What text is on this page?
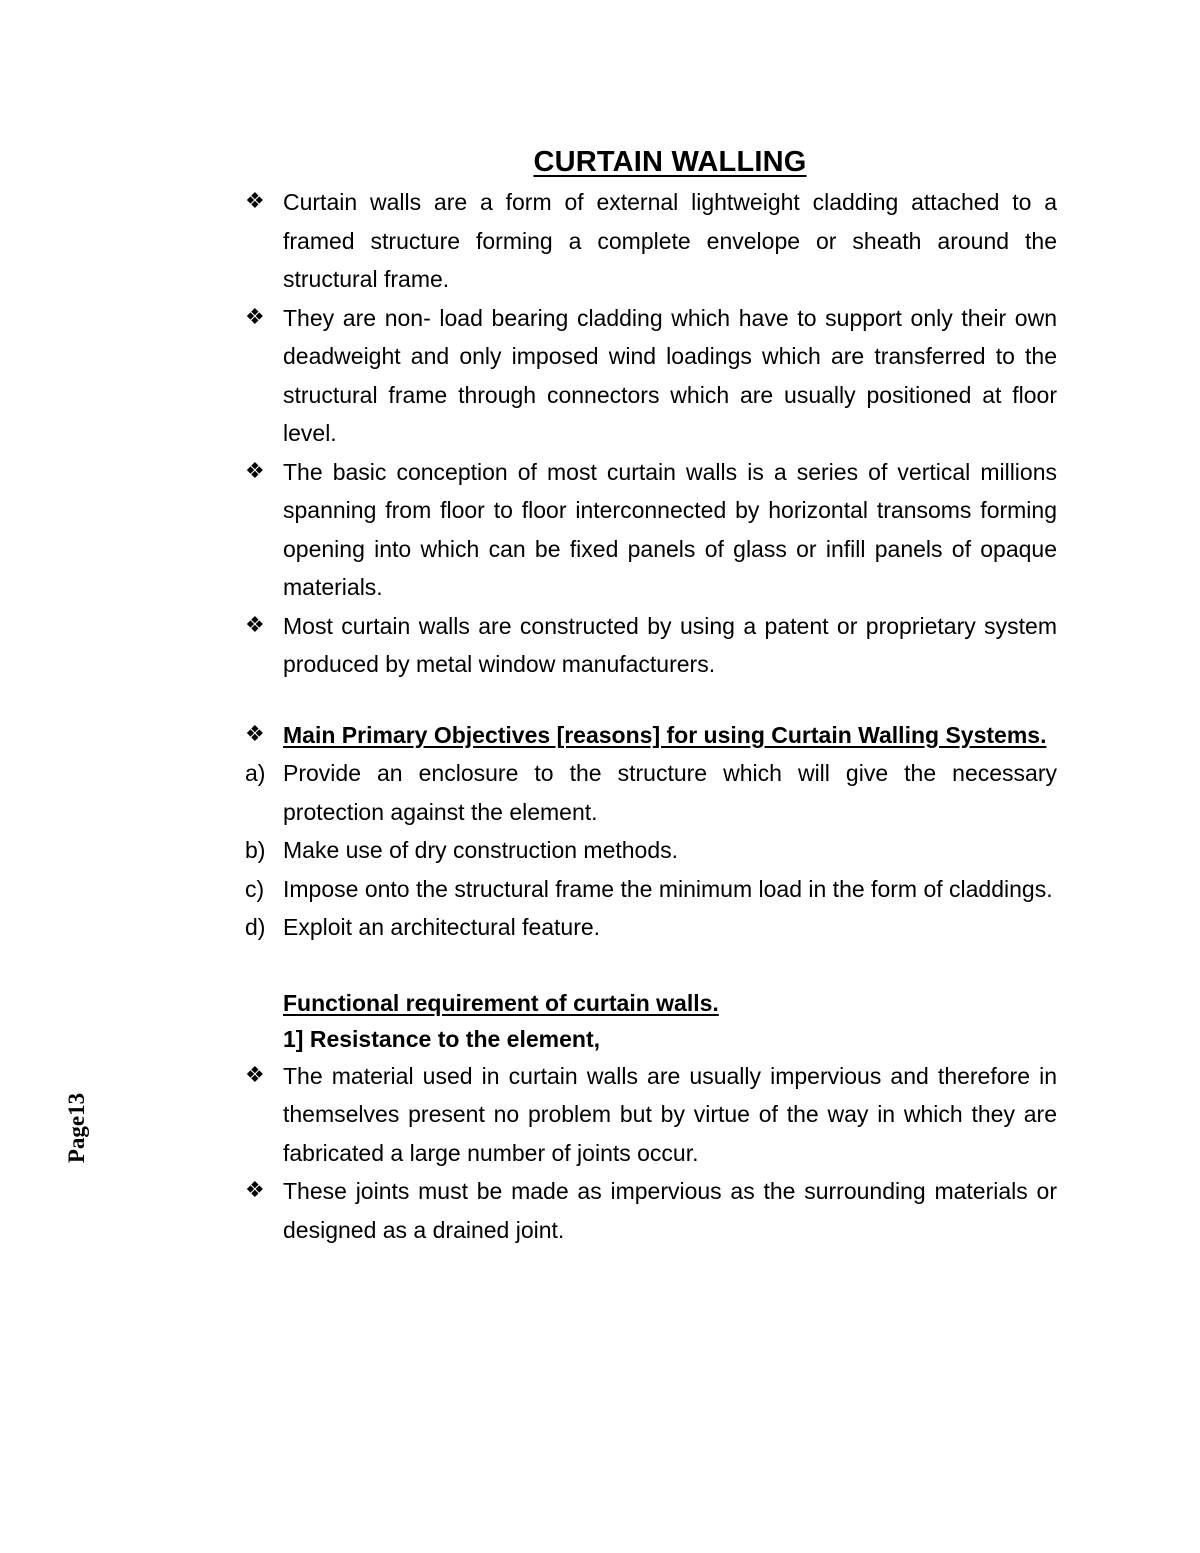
CURTAIN WALLING
❖ Curtain walls are a form of external lightweight cladding attached to a framed structure forming a complete envelope or sheath around the structural frame.
❖ They are non- load bearing cladding which have to support only their own deadweight and only imposed wind loadings which are transferred to the structural frame through connectors which are usually positioned at floor level.
❖ The basic conception of most curtain walls is a series of vertical millions spanning from floor to floor interconnected by horizontal transoms forming opening into which can be fixed panels of glass or infill panels of opaque materials.
❖ Most curtain walls are constructed by using a patent or proprietary system produced by metal window manufacturers.
❖ Main Primary Objectives [reasons] for using Curtain Walling Systems.
a) Provide an enclosure to the structure which will give the necessary protection against the element.
b) Make use of dry construction methods.
c) Impose onto the structural frame the minimum load in the form of claddings.
d) Exploit an architectural feature.
Functional requirement of curtain walls.
1] Resistance to the element,
❖ The material used in curtain walls are usually impervious and therefore in themselves present no problem but by virtue of the way in which they are fabricated a large number of joints occur.
❖ These joints must be made as impervious as the surrounding materials or designed as a drained joint.
Page13
